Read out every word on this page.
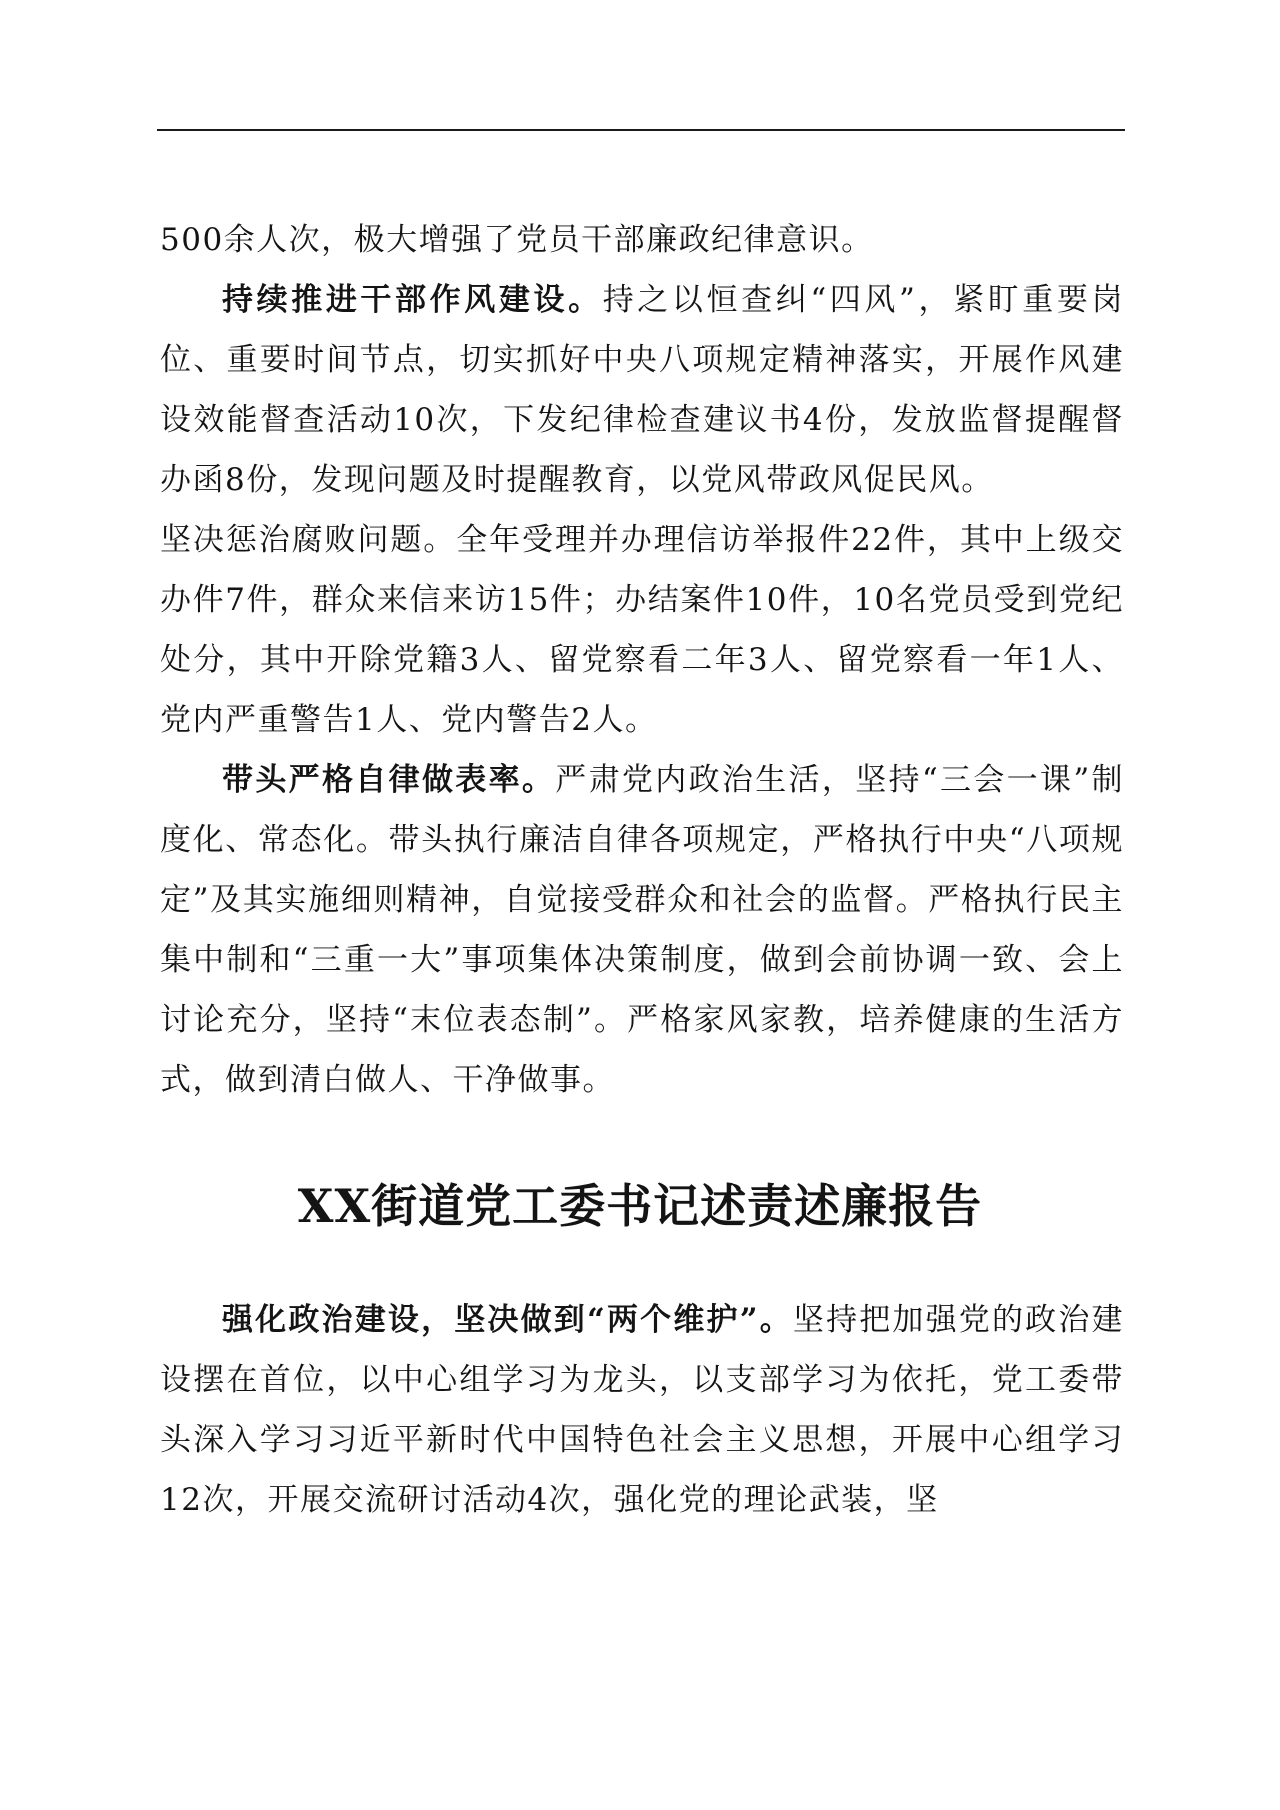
500余人次，极大增强了党员干部廉政纪律意识。

持续推进干部作风建设。持之以恒查纠“四风”，紧盯重要岗位、重要时间节点，切实抓好中央八项规定精神落实，开展作风建设效能督查活动10次，下发纪律检查建议书4份，发放监督提醒督办函8份，发现问题及时提醒教育，以党风带政风促民风。

坚决惩治腐败问题。全年受理并办理信访举报件22件，其中上级交办件7件，群众来信来访15件；办结案件10件，10名党员受到党纪处分，其中开除党籍3人、留党察看二年3人、留党察看一年1人、党内严重警告1人、党内警告2人。

带头严格自律做表率。严肃党内政治生活，坚持“三会一课”制度化、常态化。带头执行廉洁自律各项规定，严格执行中央“八项规定”及其实施细则精神，自觉接受群众和社会的监督。严格执行民主集中制和“三重一大”事项集体决策制度，做到会前协调一致、会上讨论充分，坚持“末位表态制”。严格家风家教，培养健康的生活方式，做到清白做人、干净做事。

XX街道党工委书记述责述廉报告

强化政治建设，坚决做到“两个维护”。坚持把加强党的政治建设摆在首位，以中心组学习为龙头，以支部学习为依托，党工委带头深入学习习近平新时代中国特色社会主义思想，开展中心组学习12次，开展交流研讨活动4次，强化党的理论武装，坚
